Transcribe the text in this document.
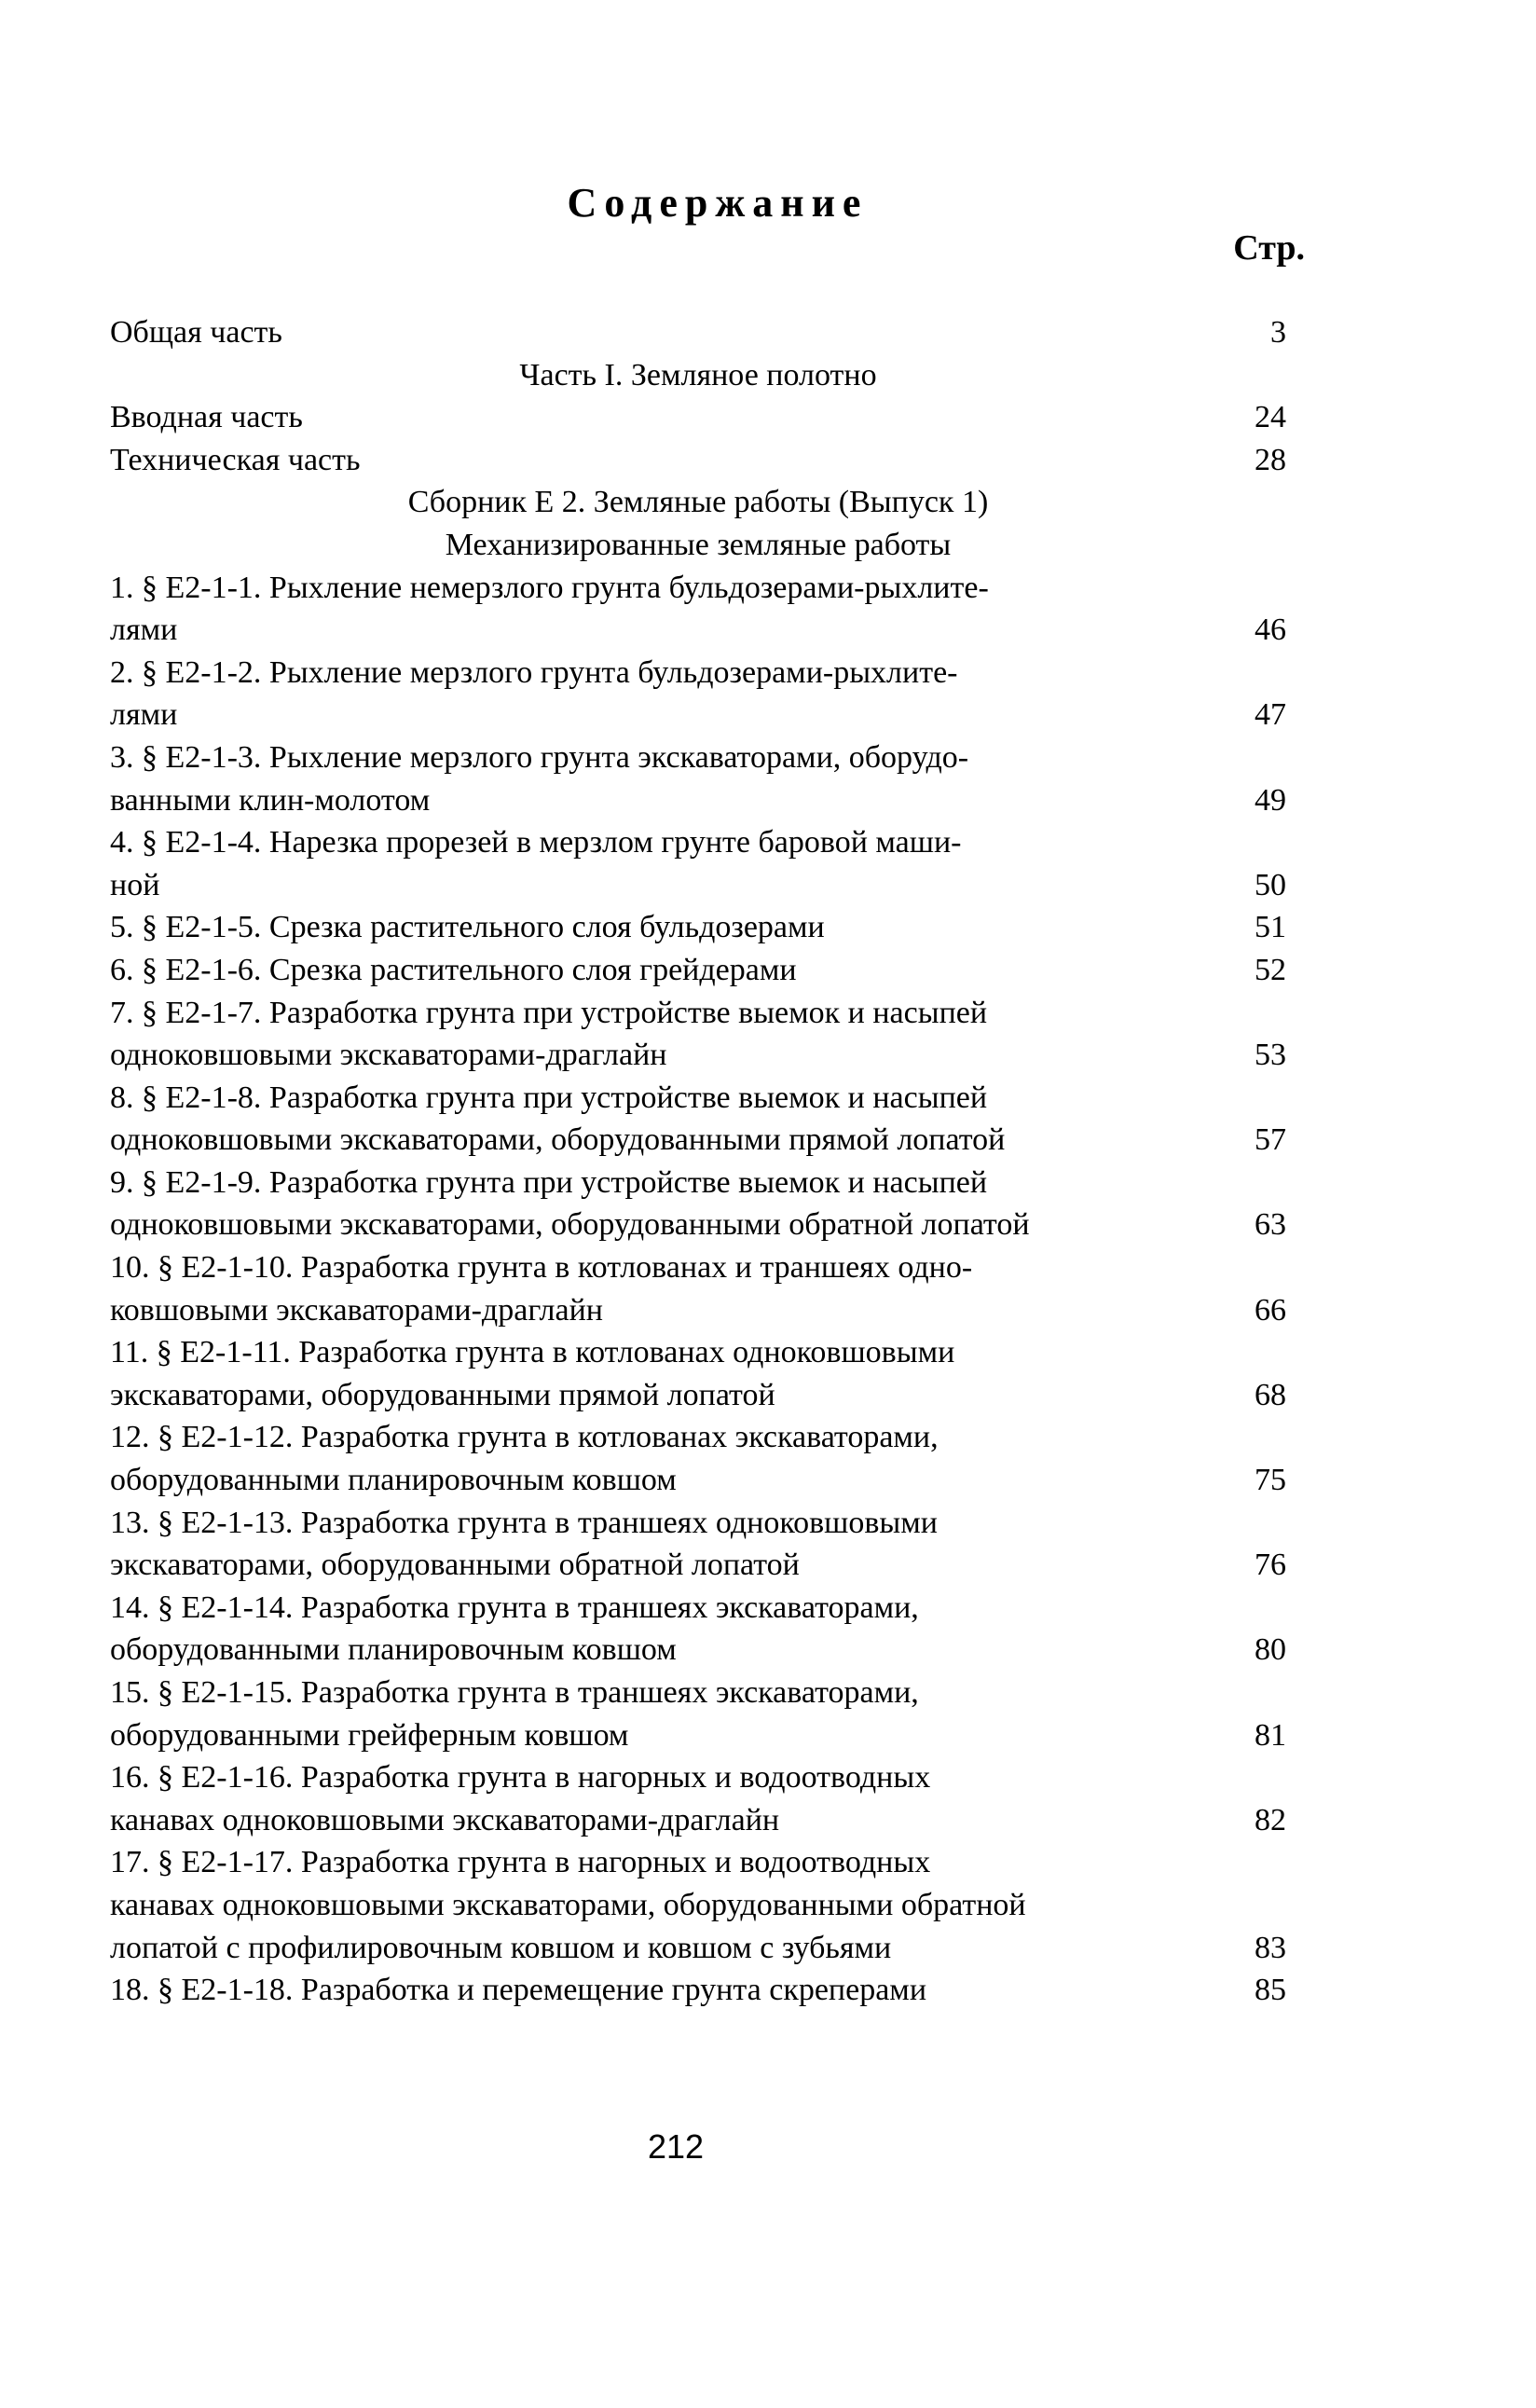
Содержание
Стр.
Общая часть	3
Часть I. Земляное полотно
Вводная часть	24
Техническая часть	28
Сборник Е 2. Земляные работы (Выпуск 1)
Механизированные земляные работы
1. § Е2-1-1. Рыхление немерзлого грунта бульдозерами-рыхлите-
лями	46
2. § Е2-1-2. Рыхление мерзлого грунта бульдозерами-рыхлите-
лями	47
3. § Е2-1-3. Рыхление мерзлого грунта экскаваторами, оборудо-
ванными клин-молотом	49
4. § Е2-1-4. Нарезка прорезей в мерзлом грунте баровой маши-
ной	50
5. § Е2-1-5. Срезка растительного слоя бульдозерами	51
6. § Е2-1-6. Срезка растительного слоя грейдерами	52
7. § Е2-1-7. Разработка грунта при устройстве выемок и насыпей
одноковшовыми экскаваторами-драглайн	53
8. § Е2-1-8. Разработка грунта при устройстве выемок и насыпей
одноковшовыми экскаваторами, оборудованными прямой лопатой	57
9. § Е2-1-9. Разработка грунта при устройстве выемок и насыпей
одноковшовыми экскаваторами, оборудованными обратной лопатой	63
10. § Е2-1-10. Разработка грунта в котлованах и траншеях одно-
ковшовыми экскаваторами-драглайн	66
11. § Е2-1-11. Разработка грунта в котлованах одноковшовыми
экскаваторами, оборудованными прямой лопатой	68
12. § Е2-1-12. Разработка грунта в котлованах экскаваторами,
оборудованными планировочным ковшом	75
13. § Е2-1-13. Разработка грунта в траншеях одноковшовыми
экскаваторами, оборудованными обратной лопатой	76
14. § Е2-1-14. Разработка грунта в траншеях экскаваторами,
оборудованными планировочным ковшом	80
15. § Е2-1-15. Разработка грунта в траншеях экскаваторами,
оборудованными грейферным ковшом	81
16. § Е2-1-16. Разработка грунта в нагорных и водоотводных
канавах одноковшовыми экскаваторами-драглайн	82
17. § Е2-1-17. Разработка грунта в нагорных и водоотводных
канавах одноковшовыми экскаваторами, оборудованными обратной
лопатой с профилировочным ковшом и ковшом с зубьями	83
18. § Е2-1-18. Разработка и перемещение грунта скреперами	85
212
